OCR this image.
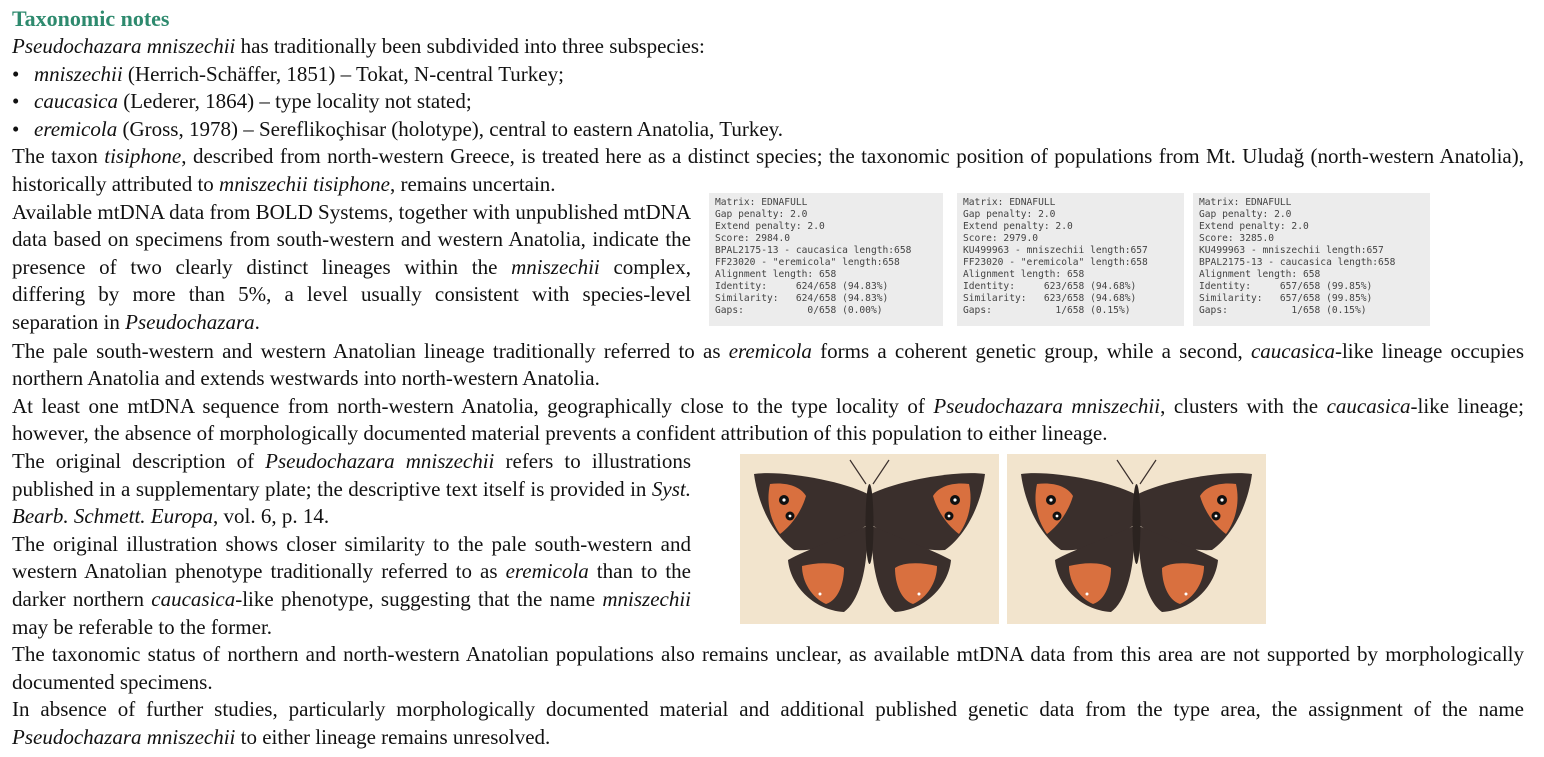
Taxonomic notes

Pseudochazara mniszechii has traditionally been subdivided into three subspecies:

• mniszechii (Herrich-Schäffer, 1851) – Tokat, N-central Turkey;
• caucasica (Lederer, 1864) – type locality not stated;
• eremicola (Gross, 1978) – Sereflikoçhisar (holotype), central to eastern Anatolia, Turkey.

The taxon tisiphone, described from north-western Greece, is treated here as a distinct species; the taxonomic position of populations from Mt. Uludağ (north-western Anatolia), historically attributed to mniszechii tisiphone, remains uncertain.

Available mtDNA data from BOLD Systems, together with unpublished mtDNA data based on specimens from south-western and western Anatolia, indicate the presence of two clearly distinct lineages within the mniszechii complex, differing by more than 5%, a level usually consistent with species-level separation in Pseudochazara.

Matrix: EDNAFULL
Gap penalty: 2.0
Extend penalty: 2.0
Score: 2984.0
BPAL2175-13 - caucasica length:658
FF23020 - "eremicola" length:658
Alignment length: 658
Identity:     624/658 (94.83%)
Similarity:   624/658 (94.83%)
Gaps:           0/658 (0.00%)
Matrix: EDNAFULL
Gap penalty: 2.0
Extend penalty: 2.0
Score: 2979.0
KU499963 - mniszechii length:657
FF23020 - "eremicola" length:658
Alignment length: 658
Identity:     623/658 (94.68%)
Similarity:   623/658 (94.68%)
Gaps:           1/658 (0.15%)
Matrix: EDNAFULL
Gap penalty: 2.0
Extend penalty: 2.0
Score: 3285.0
KU499963 - mniszechii length:657
BPAL2175-13 - caucasica length:658
Alignment length: 658
Identity:     657/658 (99.85%)
Similarity:   657/658 (99.85%)
Gaps:           1/658 (0.15%)

The pale south-western and western Anatolian lineage traditionally referred to as eremicola forms a coherent genetic group, while a second, caucasica-like lineage occupies northern Anatolia and extends westwards into north-western Anatolia.

At least one mtDNA sequence from north-western Anatolia, geographically close to the type locality of Pseudochazara mniszechii, clusters with the caucasica-like lineage; however, the absence of morphologically documented material prevents a confident attribution of this population to either lineage.

The original description of Pseudochazara mniszechii refers to illustrations published in a supplementary plate; the descriptive text itself is provided in Syst. Bearb. Schmett. Europa, vol. 6, p. 14.

The original illustration shows closer similarity to the pale south-western and western Anatolian phenotype traditionally referred to as eremicola than to the darker northern caucasica-like phenotype, suggesting that the name mniszechii may be referable to the former.

The taxonomic status of northern and north-western Anatolian populations also remains unclear, as available mtDNA data from this area are not supported by morphologically documented specimens.

In absence of further studies, particularly morphologically documented material and additional published genetic data from the type area, the assignment of the name Pseudochazara mniszechii to either lineage remains unresolved.
